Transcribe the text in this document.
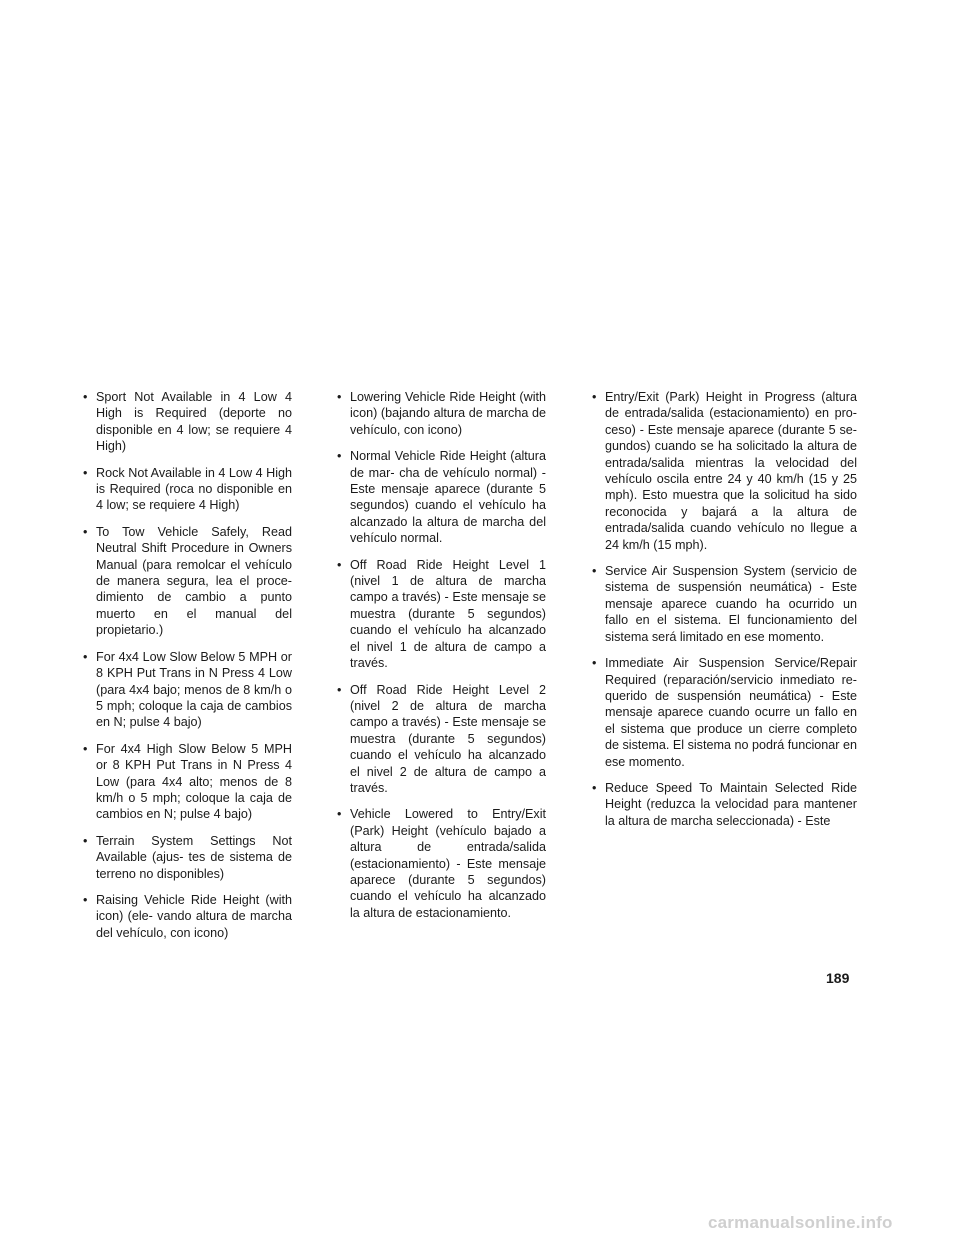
• Sport Not Available in 4 Low 4 High is Required (deporte no disponible en 4 low; se requiere 4 High)
• Rock Not Available in 4 Low 4 High is Required (roca no disponible en 4 low; se requiere 4 High)
• To Tow Vehicle Safely, Read Neutral Shift Procedure in Owners Manual (para remolcar el vehículo de manera segura, lea el proce- dimiento de cambio a punto muerto en el manual del propietario.)
• For 4x4 Low Slow Below 5 MPH or 8 KPH Put Trans in N Press 4 Low (para 4x4 bajo; menos de 8 km/h o 5 mph; coloque la caja de cambios en N; pulse 4 bajo)
• For 4x4 High Slow Below 5 MPH or 8 KPH Put Trans in N Press 4 Low (para 4x4 alto; menos de 8 km/h o 5 mph; coloque la caja de cambios en N; pulse 4 bajo)
• Terrain System Settings Not Available (ajus- tes de sistema de terreno no disponibles)
• Raising Vehicle Ride Height (with icon) (ele- vando altura de marcha del vehículo, con icono)
• Lowering Vehicle Ride Height (with icon) (bajando altura de marcha de vehículo, con icono)
• Normal Vehicle Ride Height (altura de mar- cha de vehículo normal) - Este mensaje aparece (durante 5 segundos) cuando el vehículo ha alcanzado la altura de marcha del vehículo normal.
• Off Road Ride Height Level 1 (nivel 1 de altura de marcha campo a través) - Este mensaje se muestra (durante 5 segundos) cuando el vehículo ha alcanzado el nivel 1 de altura de campo a través.
• Off Road Ride Height Level 2 (nivel 2 de altura de marcha campo a través) - Este mensaje se muestra (durante 5 segundos) cuando el vehículo ha alcanzado el nivel 2 de altura de campo a través.
• Vehicle Lowered to Entry/Exit (Park) Height (vehículo bajado a altura de entrada/salida (estacionamiento) - Este mensaje aparece (durante 5 segundos) cuando el vehículo ha alcanzado la altura de estacionamiento.
• Entry/Exit (Park) Height in Progress (altura de entrada/salida (estacionamiento) en pro- ceso) - Este mensaje aparece (durante 5 se- gundos) cuando se ha solicitado la altura de entrada/salida mientras la velocidad del vehículo oscila entre 24 y 40 km/h (15 y 25 mph). Esto muestra que la solicitud ha sido reconocida y bajará a la altura de entrada/salida cuando vehículo no llegue a 24 km/h (15 mph).
• Service Air Suspension System (servicio de sistema de suspensión neumática) - Este mensaje aparece cuando ha ocurrido un fallo en el sistema. El funcionamiento del sistema será limitado en ese momento.
• Immediate Air Suspension Service/Repair Required (reparación/servicio inmediato re- querido de suspensión neumática) - Este mensaje aparece cuando ocurre un fallo en el sistema que produce un cierre completo de sistema. El sistema no podrá funcionar en ese momento.
• Reduce Speed To Maintain Selected Ride Height (reduzca la velocidad para mantener la altura de marcha seleccionada) - Este
189
carmanualsonline.info
